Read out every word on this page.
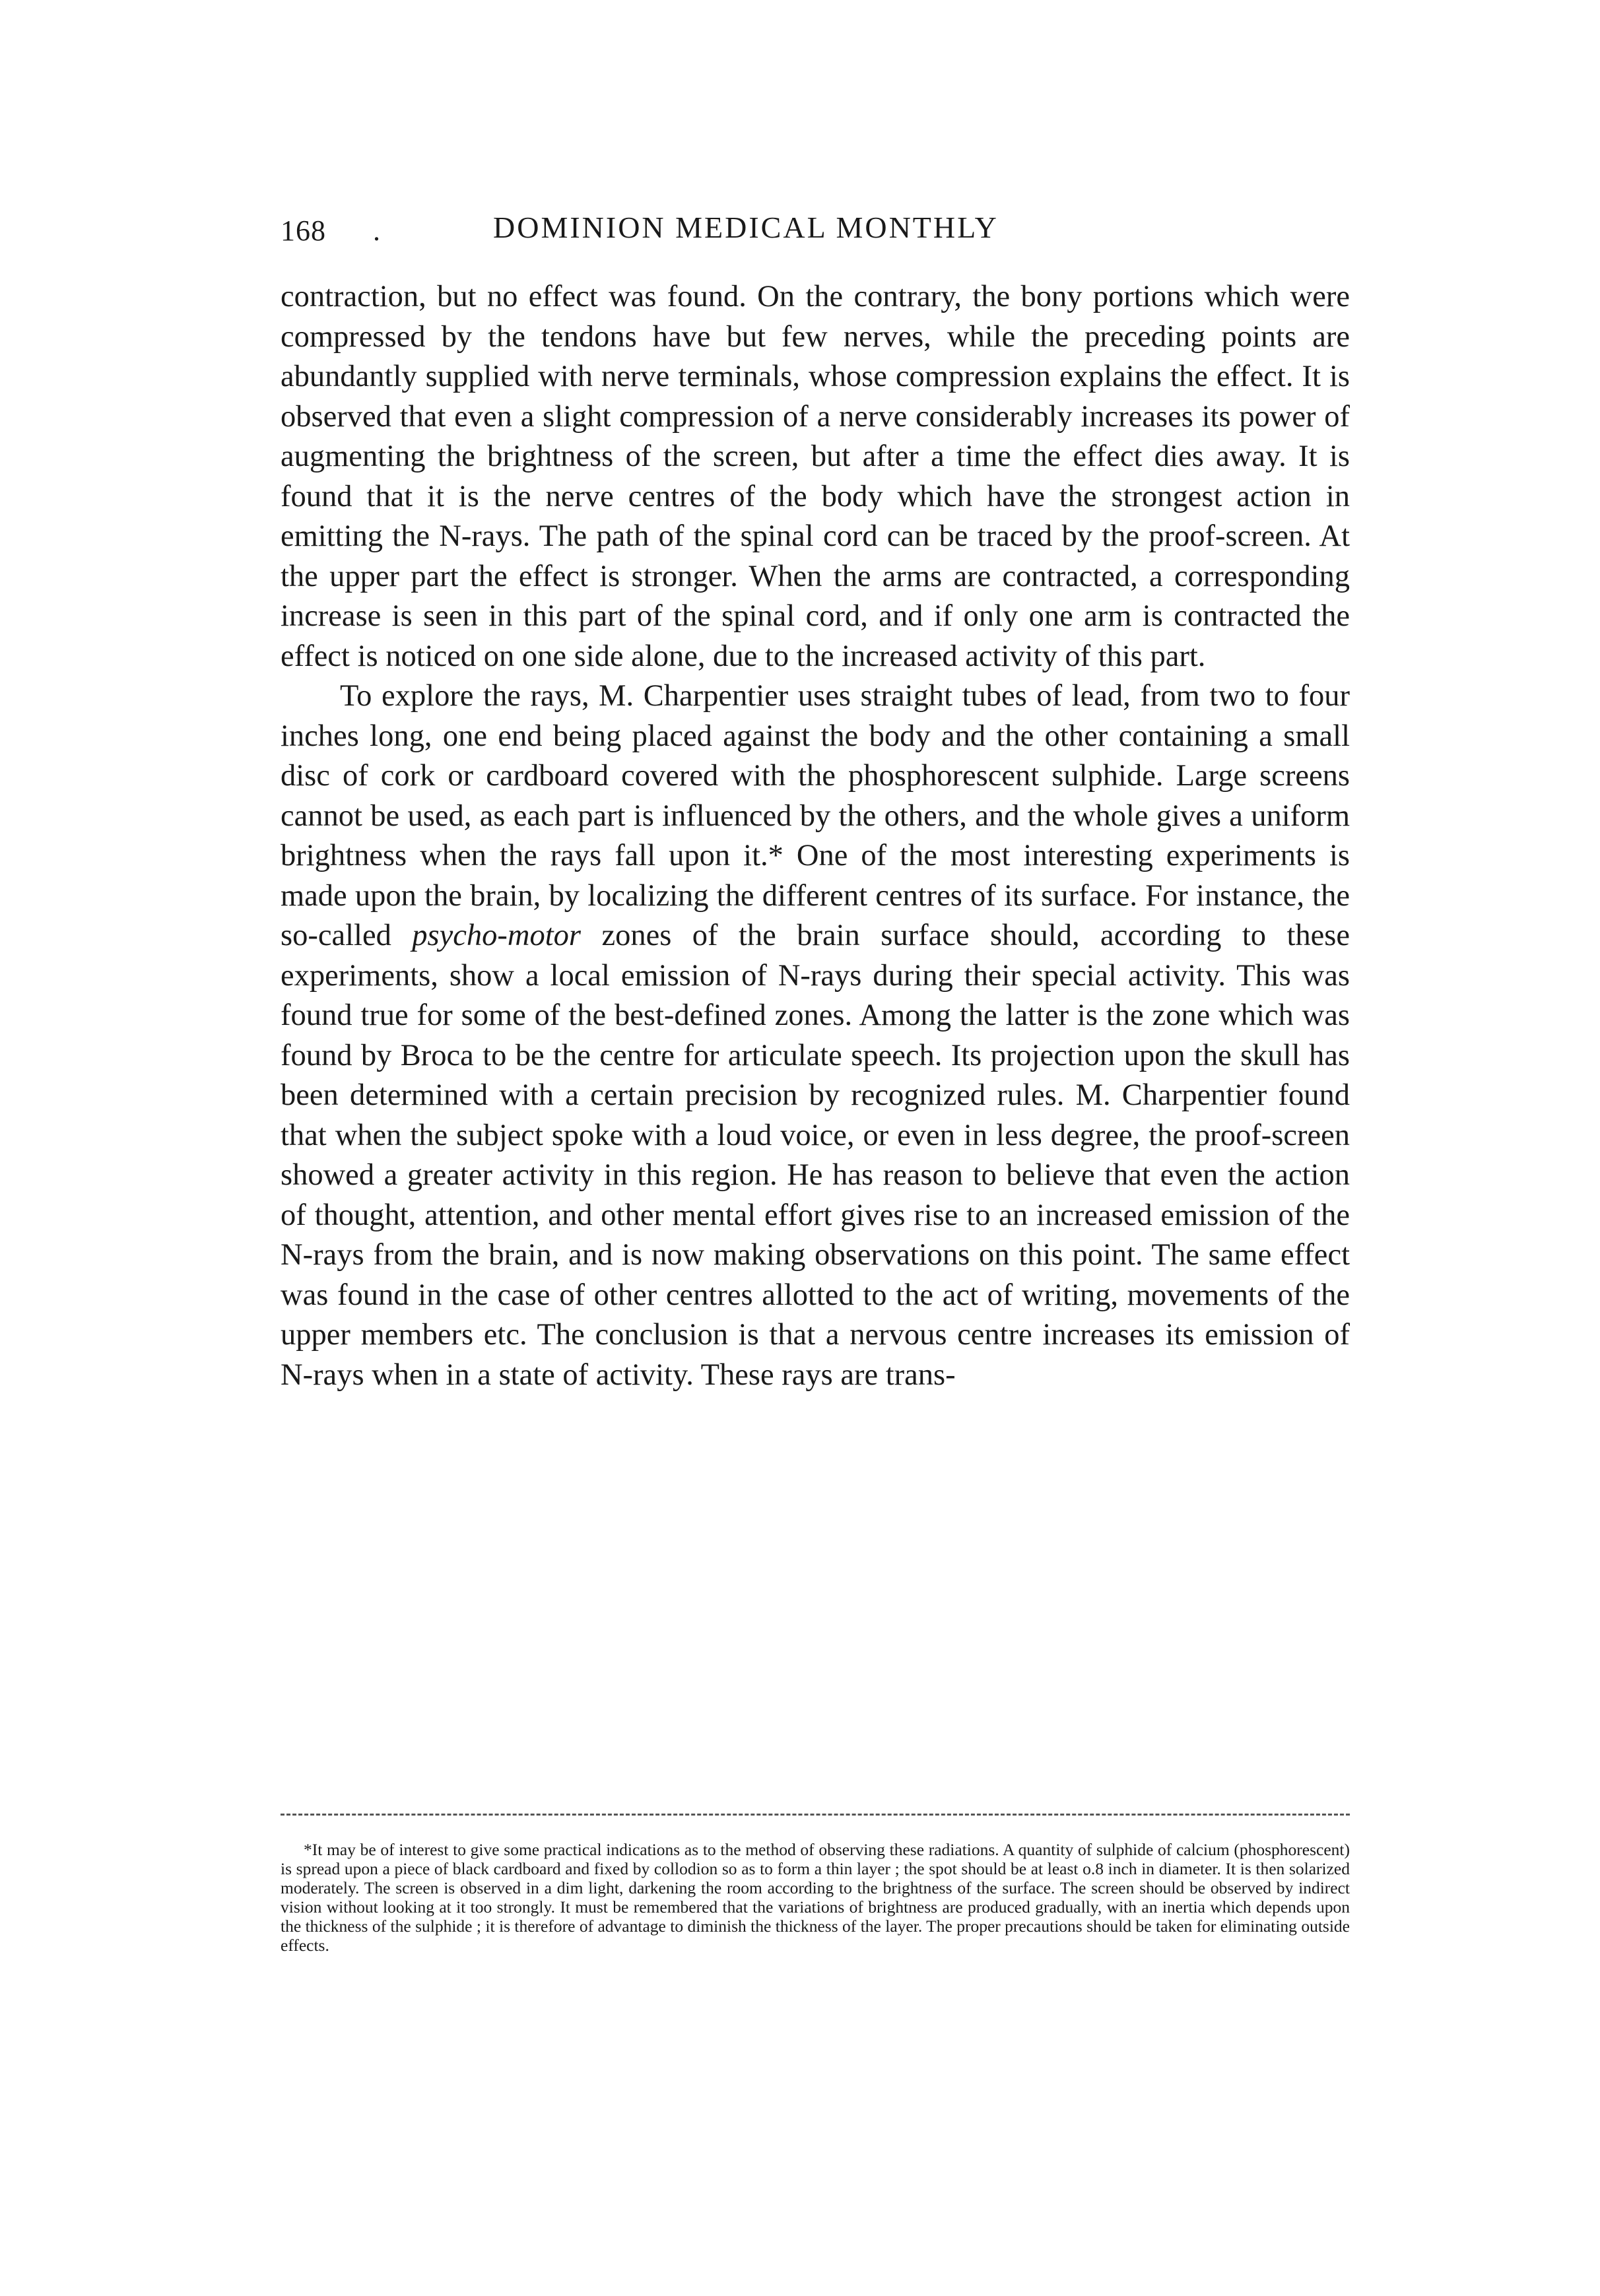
168 .	DOMINION MEDICAL MONTHLY

contraction, but no effect was found. On the contrary, the bony portions which were compressed by the tendons have but few nerves, while the preceding points are abundantly supplied with nerve terminals, whose compression explains the effect. It is observed that even a slight compression of a nerve considerably increases its power of augmenting the brightness of the screen, but after a time the effect dies away. It is found that it is the nerve centres of the body which have the strongest action in emitting the N-rays. The path of the spinal cord can be traced by the proof-screen. At the upper part the effect is stronger. When the arms are contracted, a corresponding increase is seen in this part of the spinal cord, and if only one arm is contracted the effect is noticed on one side alone, due to the increased activity of this part.

To explore the rays, M. Charpentier uses straight tubes of lead, from two to four inches long, one end being placed against the body and the other containing a small disc of cork or cardboard covered with the phosphorescent sulphide. Large screens cannot be used, as each part is influenced by the others, and the whole gives a uniform brightness when the rays fall upon it.* One of the most interesting experiments is made upon the brain, by localizing the different centres of its surface. For instance, the so-called psycho-motor zones of the brain surface should, according to these experiments, show a local emission of N-rays during their special activity. This was found true for some of the best-defined zones. Among the latter is the zone which was found by Broca to be the centre for articulate speech. Its projection upon the skull has been determined with a certain precision by recognized rules. M. Charpentier found that when the subject spoke with a loud voice, or even in less degree, the proof-screen showed a greater activity in this region. He has reason to believe that even the action of thought, attention, and other mental effort gives rise to an increased emission of the N-rays from the brain, and is now making observations on this point. The same effect was found in the case of other centres allotted to the act of writing, movements of the upper members etc. The conclusion is that a nervous centre increases its emission of N-rays when in a state of activity. These rays are trans-

*It may be of interest to give some practical indications as to the method of observing these radiations. A quantity of sulphide of calcium (phosphorescent) is spread upon a piece of black cardboard and fixed by collodion so as to form a thin layer ; the spot should be at least o.8 inch in diameter. It is then solarized moderately. The screen is observed in a dim light, darkening the room according to the brightness of the surface. The screen should be observed by indirect vision without looking at it too strongly. It must be remembered that the variations of brightness are produced gradually, with an inertia which depends upon the thickness of the sulphide ; it is therefore of advantage to diminish the thickness of the layer. The proper precautions should be taken for eliminating outside effects.
